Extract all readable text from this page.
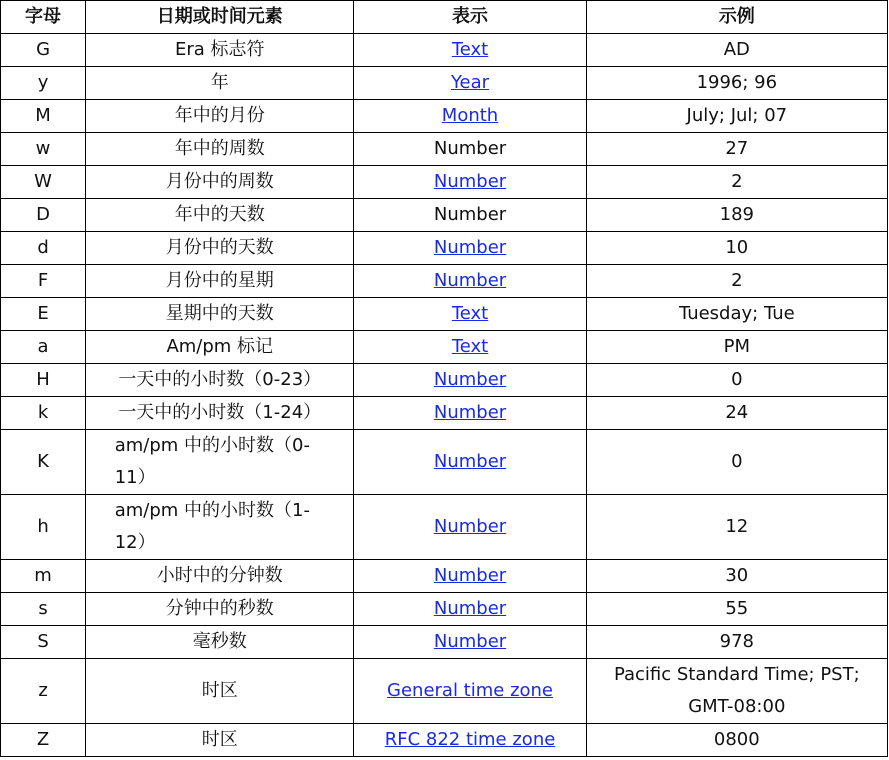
字母	日期或时间元素	表示	示例
G	Era 标志符	Text	AD
y	年	Year	1996; 96
M	年中的月份	Month	July; Jul; 07
w	年中的周数	Number	27
W	月份中的周数	Number	2
D	年中的天数	Number	189
d	月份中的天数	Number	10
F	月份中的星期	Number	2
E	星期中的天数	Text	Tuesday; Tue
a	Am/pm 标记	Text	PM
H	一天中的小时数（0-23）	Number	0
k	一天中的小时数（1-24）	Number	24
K	am/pm 中的小时数（0-11）	Number	0
h	am/pm 中的小时数（1-12）	Number	12
m	小时中的分钟数	Number	30
s	分钟中的秒数	Number	55
S	毫秒数	Number	978
z	时区	General time zone	Pacific Standard Time; PST; GMT-08:00
Z	时区	RFC 822 time zone	0800
